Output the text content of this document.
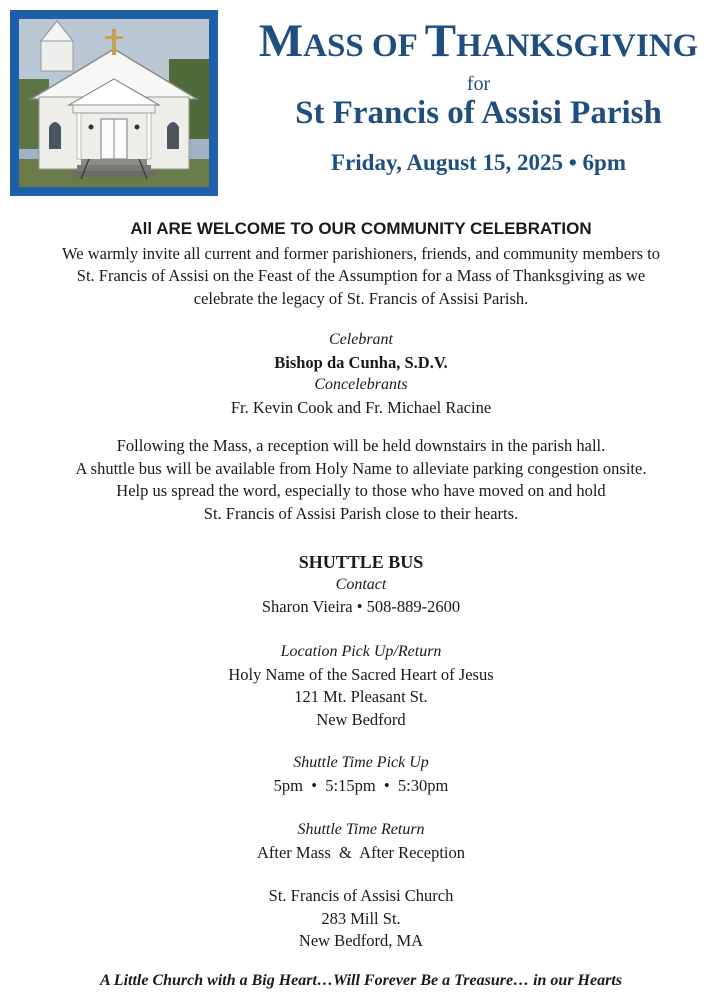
MASS OF THANKSGIVING
for
St Francis of Assisi Parish
Friday, August 15, 2025 • 6pm
All ARE WELCOME TO OUR COMMUNITY CELEBRATION
We warmly invite all current and former parishioners, friends, and community members to
St. Francis of Assisi on the Feast of the Assumption for a Mass of Thanksgiving as we
celebrate the legacy of St. Francis of Assisi Parish.
Celebrant
Bishop da Cunha, S.D.V.
Concelebrants
Fr. Kevin Cook and Fr. Michael Racine
Following the Mass, a reception will be held downstairs in the parish hall.
A shuttle bus will be available from Holy Name to alleviate parking congestion onsite.
Help us spread the word, especially to those who have moved on and hold
St. Francis of Assisi Parish close to their hearts.
SHUTTLE BUS
Contact
Sharon Vieira • 508-889-2600
Location Pick Up/Return
Holy Name of the Sacred Heart of Jesus
121 Mt. Pleasant St.
New Bedford
Shuttle Time Pick Up
5pm  •  5:15pm  •  5:30pm
Shuttle Time Return
After Mass  &  After Reception
St. Francis of Assisi Church
283 Mill St.
New Bedford, MA
A Little Church with a Big Heart…Will Forever Be a Treasure… in our Hearts
